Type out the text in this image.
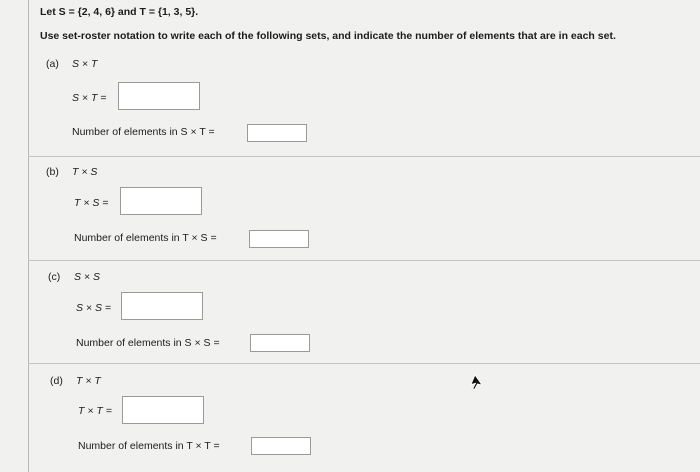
Let S = {2, 4, 6} and T = {1, 3, 5}.
Use set-roster notation to write each of the following sets, and indicate the number of elements that are in each set.
(a) S × T
S × T =
Number of elements in S × T =
(b) T × S
T × S =
Number of elements in T × S =
(c) S × S
S × S =
Number of elements in S × S =
(d) T × T
T × T =
Number of elements in T × T =
